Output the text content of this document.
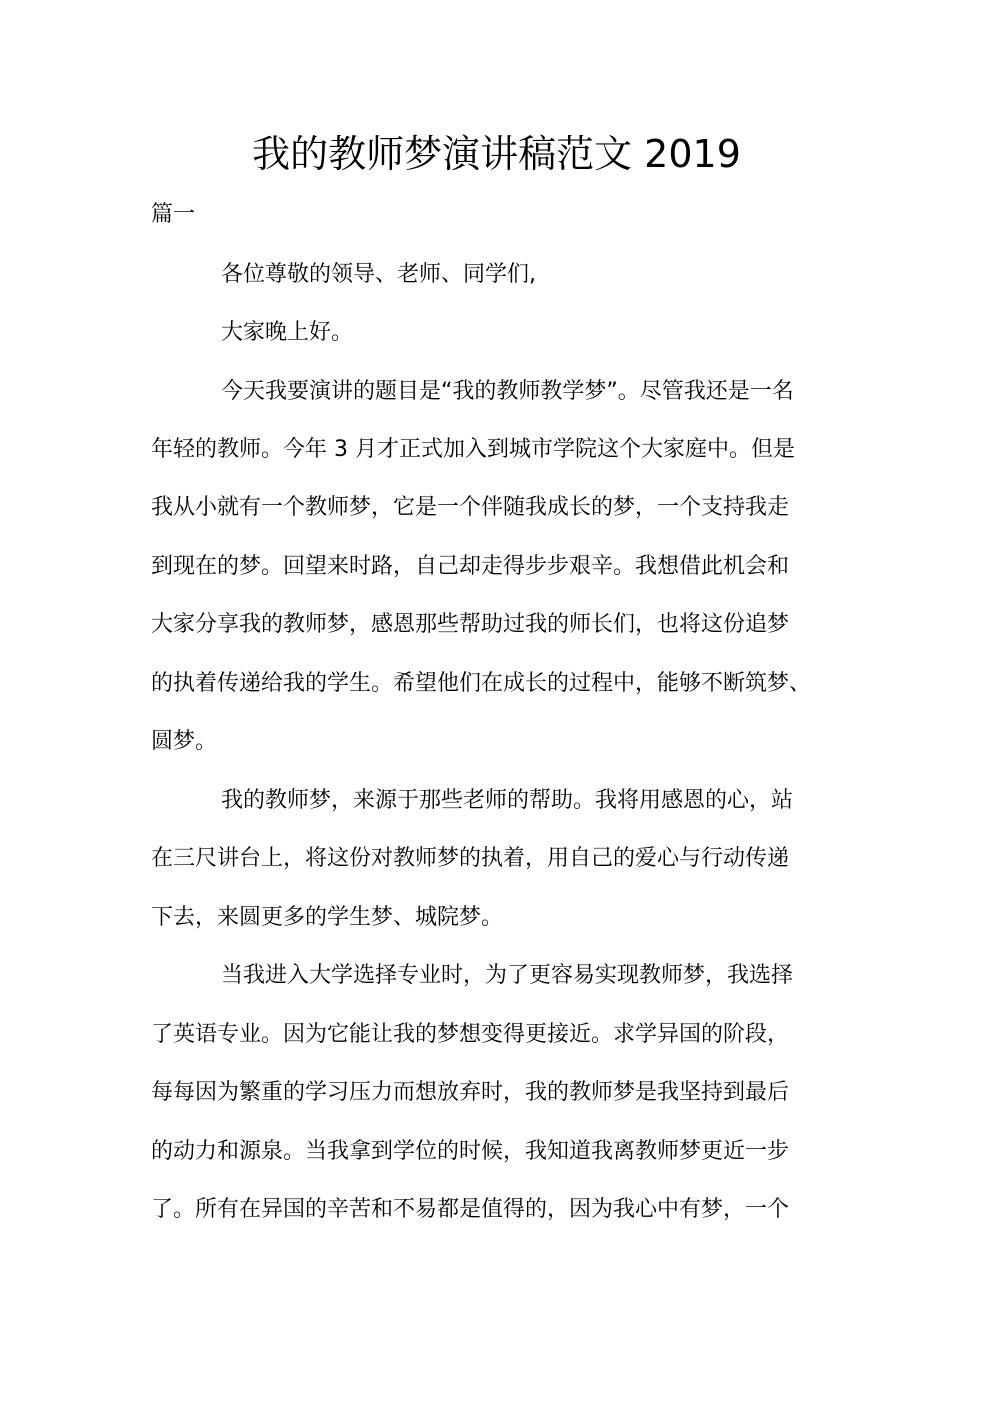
我的教师梦演讲稿范文 2019
篇一
各位尊敬的领导、老师、同学们,
大家晚上好。
今天我要演讲的题目是“我的教师教学梦”。尽管我还是一名
年轻的教师。今年 3 月才正式加入到城市学院这个大家庭中。但是
我从小就有一个教师梦，它是一个伴随我成长的梦，一个支持我走
到现在的梦。回望来时路，自己却走得步步艰辛。我想借此机会和
大家分享我的教师梦，感恩那些帮助过我的师长们，也将这份追梦
的执着传递给我的学生。希望他们在成长的过程中，能够不断筑梦、
圆梦。
我的教师梦，来源于那些老师的帮助。我将用感恩的心，站
在三尺讲台上，将这份对教师梦的执着，用自己的爱心与行动传递
下去，来圆更多的学生梦、城院梦。
当我进入大学选择专业时，为了更容易实现教师梦，我选择
了英语专业。因为它能让我的梦想变得更接近。求学异国的阶段，
每每因为繁重的学习压力而想放弃时，我的教师梦是我坚持到最后
的动力和源泉。当我拿到学位的时候，我知道我离教师梦更近一步
了。所有在异国的辛苦和不易都是值得的，因为我心中有梦，一个
